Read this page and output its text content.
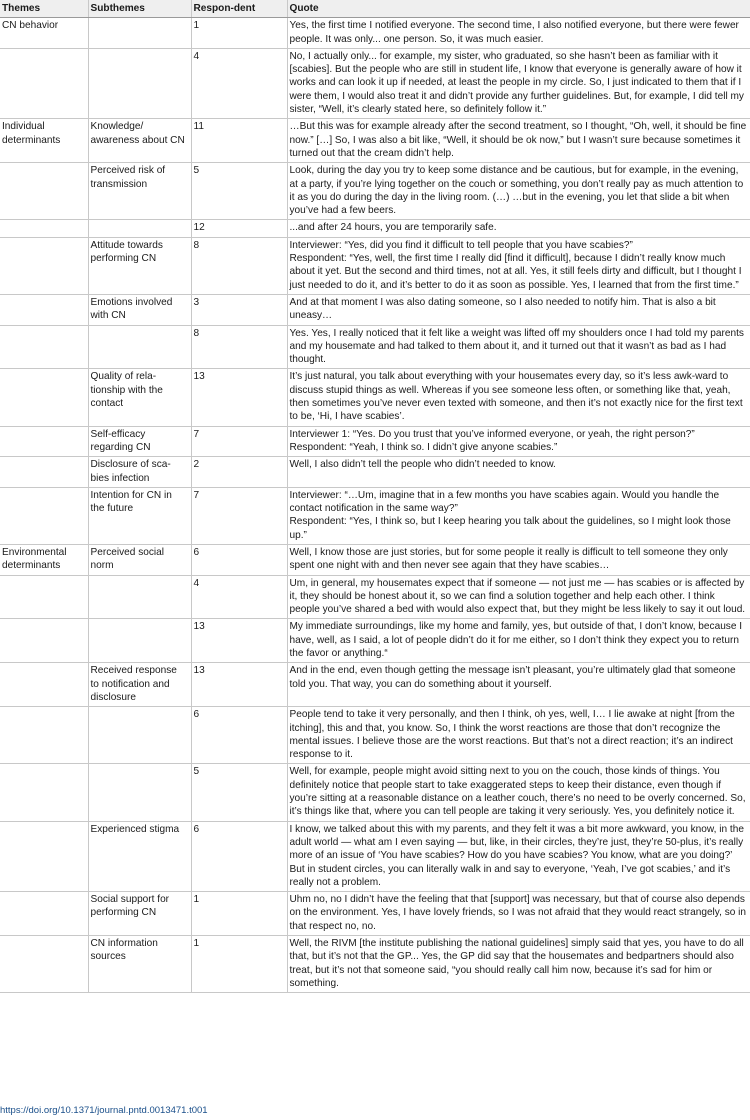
Themes	Subthemes	Respon-dent	Quote
CN behavior		1	Yes, the first time I notified everyone. The second time, I also notified everyone, but there were fewer people. It was only... one person. So, it was much easier.

		4	No, I actually only... for example, my sister, who graduated, so she hasn’t been as familiar with it [scabies]. But the people who are still in student life, I know that everyone is generally aware of how it works and can look it up if needed, at least the people in my circle. So, I just indicated to them that if I were them, I would also treat it and didn’t provide any further guidelines. But, for example, I did tell my sister, “Well, it’s clearly stated here, so definitely follow it.”

Individual determinants	Knowledge/ awareness about CN	11	…But this was for example already after the second treatment, so I thought, “Oh, well, it should be fine now.” […] So, I was also a bit like, “Well, it should be ok now,” but I wasn’t sure because sometimes it turned out that the cream didn’t help.

	Perceived risk of transmission	5	Look, during the day you try to keep some distance and be cautious, but for example, in the evening, at a party, if you’re lying together on the couch or something, you don’t really pay as much attention to it as you do during the day in the living room. (…) …but in the evening, you let that slide a bit when you’ve had a few beers.

		12	...and after 24 hours, you are temporarily safe.

	Attitude towards performing CN	8	Interviewer: “Yes, did you find it difficult to tell people that you have scabies?”
Respondent: “Yes, well, the first time I really did [find it difficult], because I didn’t really know much about it yet. But the second and third times, not at all. Yes, it still feels dirty and difficult, but I thought I just needed to do it, and it’s better to do it as soon as possible. Yes, I learned that from the first time.”

	Emotions involved with CN	3	And at that moment I was also dating someone, so I also needed to notify him. That is also a bit uneasy…

		8	Yes. Yes, I really noticed that it felt like a weight was lifted off my shoulders once I had told my parents and my housemate and had talked to them about it, and it turned out that it wasn’t as bad as I had thought.

	Quality of rela-tionship with the contact	13	It’s just natural, you talk about everything with your housemates every day, so it’s less awk-ward to discuss stupid things as well. Whereas if you see someone less often, or something like that, yeah, then sometimes you’ve never even texted with someone, and then it’s not exactly nice for the first text to be, ‘Hi, I have scabies’.

	Self-efficacy regarding CN	7	Interviewer 1: “Yes. Do you trust that you’ve informed everyone, or yeah, the right person?”
Respondent: “Yeah, I think so. I didn’t give anyone scabies.”

	Disclosure of sca-bies infection	2	Well, I also didn’t tell the people who didn’t needed to know.

	Intention for CN in the future	7	Interviewer: “…Um, imagine that in a few months you have scabies again. Would you handle the contact notification in the same way?”
Respondent: “Yes, I think so, but I keep hearing you talk about the guidelines, so I might look those up.”

Environmental determinants	Perceived social norm	6	Well, I know those are just stories, but for some people it really is difficult to tell someone they only spent one night with and then never see again that they have scabies…

		4	Um, in general, my housemates expect that if someone — not just me — has scabies or is affected by it, they should be honest about it, so we can find a solution together and help each other. I think people you’ve shared a bed with would also expect that, but they might be less likely to say it out loud.

		13	My immediate surroundings, like my home and family, yes, but outside of that, I don’t know, because I have, well, as I said, a lot of people didn’t do it for me either, so I don’t think they expect you to return the favor or anything.“

	Received response to notification and disclosure	13	And in the end, even though getting the message isn’t pleasant, you’re ultimately glad that someone told you. That way, you can do something about it yourself.

		6	People tend to take it very personally, and then I think, oh yes, well, I… I lie awake at night [from the itching], this and that, you know. So, I think the worst reactions are those that don’t recognize the mental issues. I believe those are the worst reactions. But that’s not a direct reaction; it’s an indirect response to it.

		5	Well, for example, people might avoid sitting next to you on the couch, those kinds of things. You definitely notice that people start to take exaggerated steps to keep their distance, even though if you’re sitting at a reasonable distance on a leather couch, there’s no need to be overly concerned. So, it’s things like that, where you can tell people are taking it very seriously. Yes, you definitely notice it.

	Experienced stigma	6	I know, we talked about this with my parents, and they felt it was a bit more awkward, you know, in the adult world — what am I even saying — but, like, in their circles, they’re just, they’re 50-plus, it’s really more of an issue of ‘You have scabies? How do you have scabies? You know, what are you doing?’ But in student circles, you can literally walk in and say to everyone, ‘Yeah, I’ve got scabies,’ and it’s really not a problem.

	Social support for performing CN	1	Uhm no, no I didn’t have the feeling that that [support] was necessary, but that of course also depends on the environment. Yes, I have lovely friends, so I was not afraid that they would react strangely, so in that respect no, no.

	CN information sources	1	Well, the RIVM [the institute publishing the national guidelines] simply said that yes, you have to do all that, but it’s not that the GP... Yes, the GP did say that the housemates and bedpartners should also treat, but it’s not that someone said, “you should really call him now, because it’s sad for him or something.
https://doi.org/10.1371/journal.pntd.0013471.t001
